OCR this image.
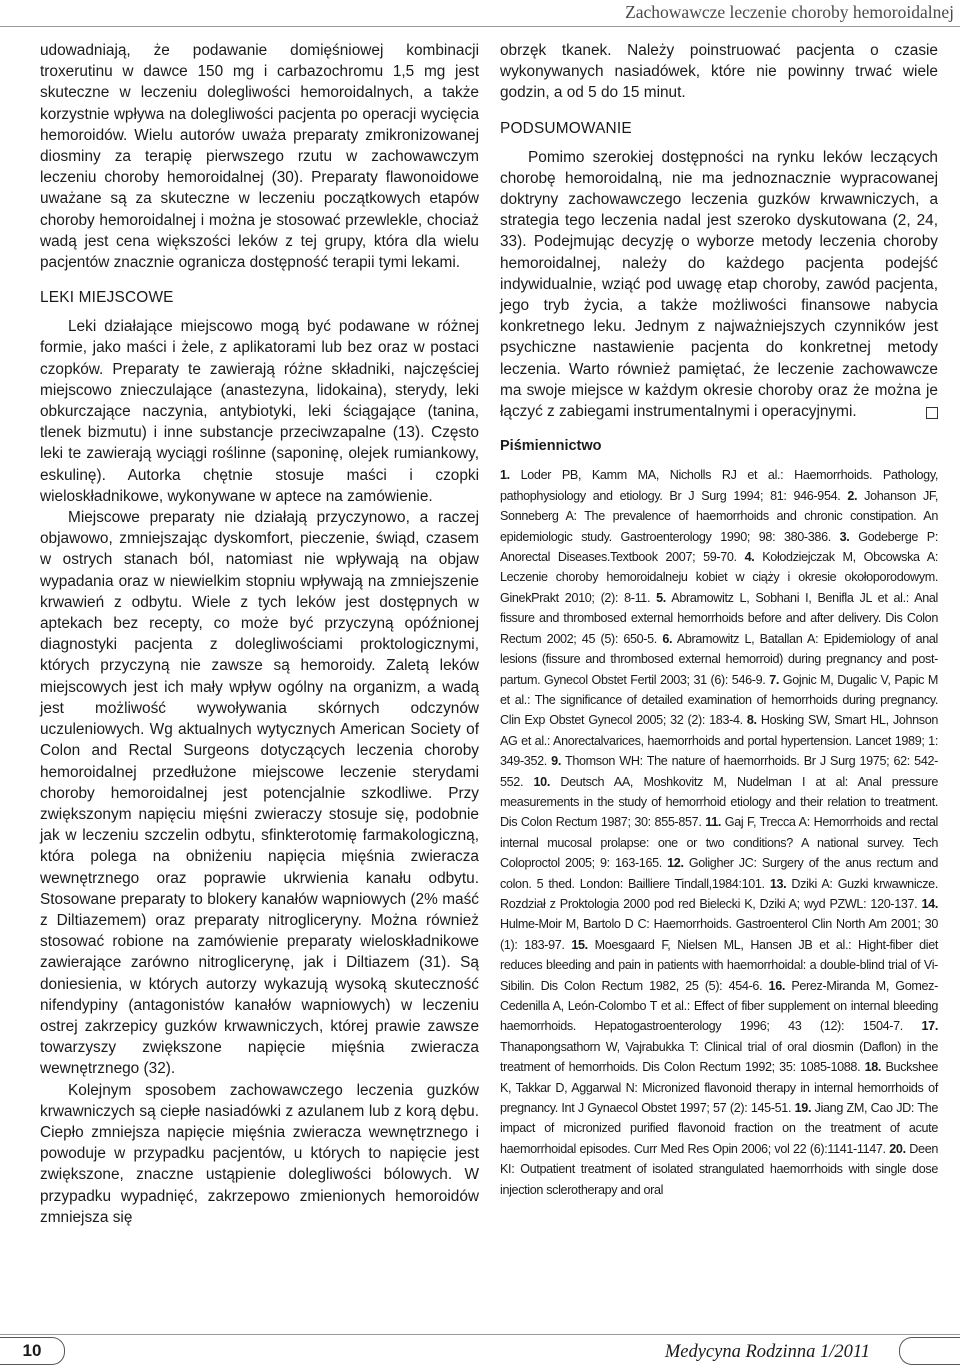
Zachowawcze leczenie choroby hemoroidalnej

udowadniają, że podawanie domięśniowej kombinacji troxerutinu w dawce 150 mg i carbazochromu 1,5 mg jest skuteczne w leczeniu dolegliwości hemoroidalnych, a także korzystnie wpływa na dolegliwości pacjenta po operacji wycięcia hemoroidów. Wielu autorów uważa preparaty zmikronizowanej diosminy za terapię pierwszego rzutu w zachowawczym leczeniu choroby hemoroidalnej (30). Preparaty flawonoidowe uważane są za skuteczne w leczeniu początkowych etapów choroby hemoroidalnej i można je stosować przewlekle, chociaż wadą jest cena większości leków z tej grupy, która dla wielu pacjentów znacznie ogranicza dostępność terapii tymi lekami.

LEKI MIEJSCOWE

Leki działające miejscowo mogą być podawane w różnej formie, jako maści i żele, z aplikatorami lub bez oraz w postaci czopków. Preparaty te zawierają różne składniki, najczęściej miejscowo znieczulające (anastezyna, lidokaina), sterydy, leki obkurczające naczynia, antybiotyki, leki ściągające (tanina, tlenek bizmutu) i inne substancje przeciwzapalne (13). Często leki te zawierają wyciągi roślinne (saponinę, olejek rumiankowy, eskulinę). Autorka chętnie stosuje maści i czopki wieloskładnikowe, wykonywane w aptece na zamówienie.

Miejscowe preparaty nie działają przyczynowo, a raczej objawowo, zmniejszając dyskomfort, pieczenie, świąd, czasem w ostrych stanach ból, natomiast nie wpływają na objaw wypadania oraz w niewielkim stopniu wpływają na zmniejszenie krwawień z odbytu. Wiele z tych leków jest dostępnych w aptekach bez recepty, co może być przyczyną opóźnionej diagnostyki pacjenta z dolegliwościami proktologicznymi, których przyczyną nie zawsze są hemoroidy. Zaletą leków miejscowych jest ich mały wpływ ogólny na organizm, a wadą jest możliwość wywoływania skórnych odczynów uczuleniowych. Wg aktualnych wytycznych American Society of Colon and Rectal Surgeons dotyczących leczenia choroby hemoroidalnej przedłużone miejscowe leczenie sterydami choroby hemoroidalnej jest potencjalnie szkodliwe. Przy zwiększonym napięciu mięśni zwieraczy stosuje się, podobnie jak w leczeniu szczelin odbytu, sfinkterotomię farmakologiczną, która polega na obniżeniu napięcia mięśnia zwieracza wewnętrznego oraz poprawie ukrwienia kanału odbytu. Stosowane preparaty to blokery kanałów wapniowych (2% maść z Diltiazemem) oraz preparaty nitrogliceryny. Można również stosować robione na zamówienie preparaty wieloskładnikowe zawierające zarówno nitroglicerynę, jak i Diltiazem (31). Są doniesienia, w których autorzy wykazują wysoką skuteczność nifendypiny (antagonistów kanałów wapniowych) w leczeniu ostrej zakrzepicy guzków krwawniczych, której prawie zawsze towarzyszy zwiększone napięcie mięśnia zwieracza wewnętrznego (32).

Kolejnym sposobem zachowawczego leczenia guzków krwawniczych są ciepłe nasiadówki z azulanem lub z korą dębu. Ciepło zmniejsza napięcie mięśnia zwieracza wewnętrznego i powoduje w przypadku pacjentów, u których to napięcie jest zwiększone, znaczne ustąpienie dolegliwości bólowych. W przypadku wypadnięć, zakrzepowo zmienionych hemoroidów zmniejsza się

obrzęk tkanek. Należy poinstruować pacjenta o czasie wykonywanych nasiadówek, które nie powinny trwać wiele godzin, a od 5 do 15 minut.

PODSUMOWANIE

Pomimo szerokiej dostępności na rynku leków leczących chorobę hemoroidalną, nie ma jednoznacznie wypracowanej doktryny zachowawczego leczenia guzków krwawniczych, a strategia tego leczenia nadal jest szeroko dyskutowana (2, 24, 33). Podejmując decyzję o wyborze metody leczenia choroby hemoroidalnej, należy do każdego pacjenta podejść indywidualnie, wziąć pod uwagę etap choroby, zawód pacjenta, jego tryb życia, a także możliwości finansowe nabycia konkretnego leku. Jednym z najważniejszych czynników jest psychiczne nastawienie pacjenta do konkretnej metody leczenia. Warto również pamiętać, że leczenie zachowawcze ma swoje miejsce w każdym okresie choroby oraz że można je łączyć z zabiegami instrumentalnymi i operacyjnymi.

Piśmiennictwo
1. Loder PB, Kamm MA, Nicholls RJ et al.: Haemorrhoids. Pathology, pathophysiology and etiology. Br J Surg 1994; 81: 946-954. 2. Johanson JF, Sonneberg A: The prevalence of haemorrhoids and chronic constipation. An epidemiologic study. Gastroenterology 1990; 98: 380-386. 3. Godeberge P: Anorectal Diseases.Textbook 2007; 59-70. 4. Kołodziejczak M, Obcowska A: Leczenie choroby hemoroidalneju kobiet w ciąży i okresie okołoporodowym. GinekPrakt 2010; (2): 8-11. 5. Abramowitz L, Sobhani I, Benifla JL et al.: Anal fissure and thrombosed external hemorrhoids before and after delivery. Dis Colon Rectum 2002; 45 (5): 650-5. 6. Abramowitz L, Batallan A: Epidemiology of anal lesions (fissure and thrombosed external hemorroid) during pregnancy and post-partum. Gynecol Obstet Fertil 2003; 31 (6): 546-9. 7. Gojnic M, Dugalic V, Papic M et al.: The significance of detailed examination of hemorrhoids during pregnancy. Clin Exp Obstet Gynecol 2005; 32 (2): 183-4. 8. Hosking SW, Smart HL, Johnson AG et al.: Anorectalvarices, haemorrhoids and portal hypertension. Lancet 1989; 1: 349-352. 9. Thomson WH: The nature of haemorrhoids. Br J Surg 1975; 62: 542-552. 10. Deutsch AA, Moshkovitz M, Nudelman I at al: Anal pressure measurements in the study of hemorrhoid etiology and their relation to treatment. Dis Colon Rectum 1987; 30: 855-857. 11. Gaj F, Trecca A: Hemorrhoids and rectal internal mucosal prolapse: one or two conditions? A national survey. Tech Coloproctol 2005; 9: 163-165. 12. Goligher JC: Surgery of the anus rectum and colon. 5 thed. London: Bailliere Tindall,1984:101. 13. Dziki A: Guzki krwawnicze. Rozdział z Proktologia 2000 pod red Bielecki K, Dziki A; wyd PZWL: 120-137. 14. Hulme-Moir M, Bartolo D C: Haemorrhoids. Gastroenterol Clin North Am 2001; 30 (1): 183-97. 15. Moesgaard F, Nielsen ML, Hansen JB et al.: Hight-fiber diet reduces bleeding and pain in patients with haemorrhoidal: a double-blind trial of Vi-Sibilin. Dis Colon Rectum 1982, 25 (5): 454-6. 16. Perez-Miranda M, Gomez-Cedenilla A, León-Colombo T et al.: Effect of fiber supplement on internal bleeding haemorrhoids. Hepatogastroenterology 1996; 43 (12): 1504-7. 17. Thanapongsathorn W, Vajrabukka T: Clinical trial of oral diosmin (Daflon) in the treatment of hemorrhoids. Dis Colon Rectum 1992; 35: 1085-1088. 18. Buckshee K, Takkar D, Aggarwal N: Micronized flavonoid therapy in internal hemorrhoids of pregnancy. Int J Gynaecol Obstet 1997; 57 (2): 145-51. 19. Jiang ZM, Cao JD: The impact of micronized purified flavonoid fraction on the treatment of acute haemorrhoidal episodes. Curr Med Res Opin 2006; vol 22 (6):1141-1147. 20. Deen KI: Outpatient treatment of isolated strangulated haemorrhoids with single dose injection sclerotherapy and oral
10	Medycyna Rodzinna 1/2011
